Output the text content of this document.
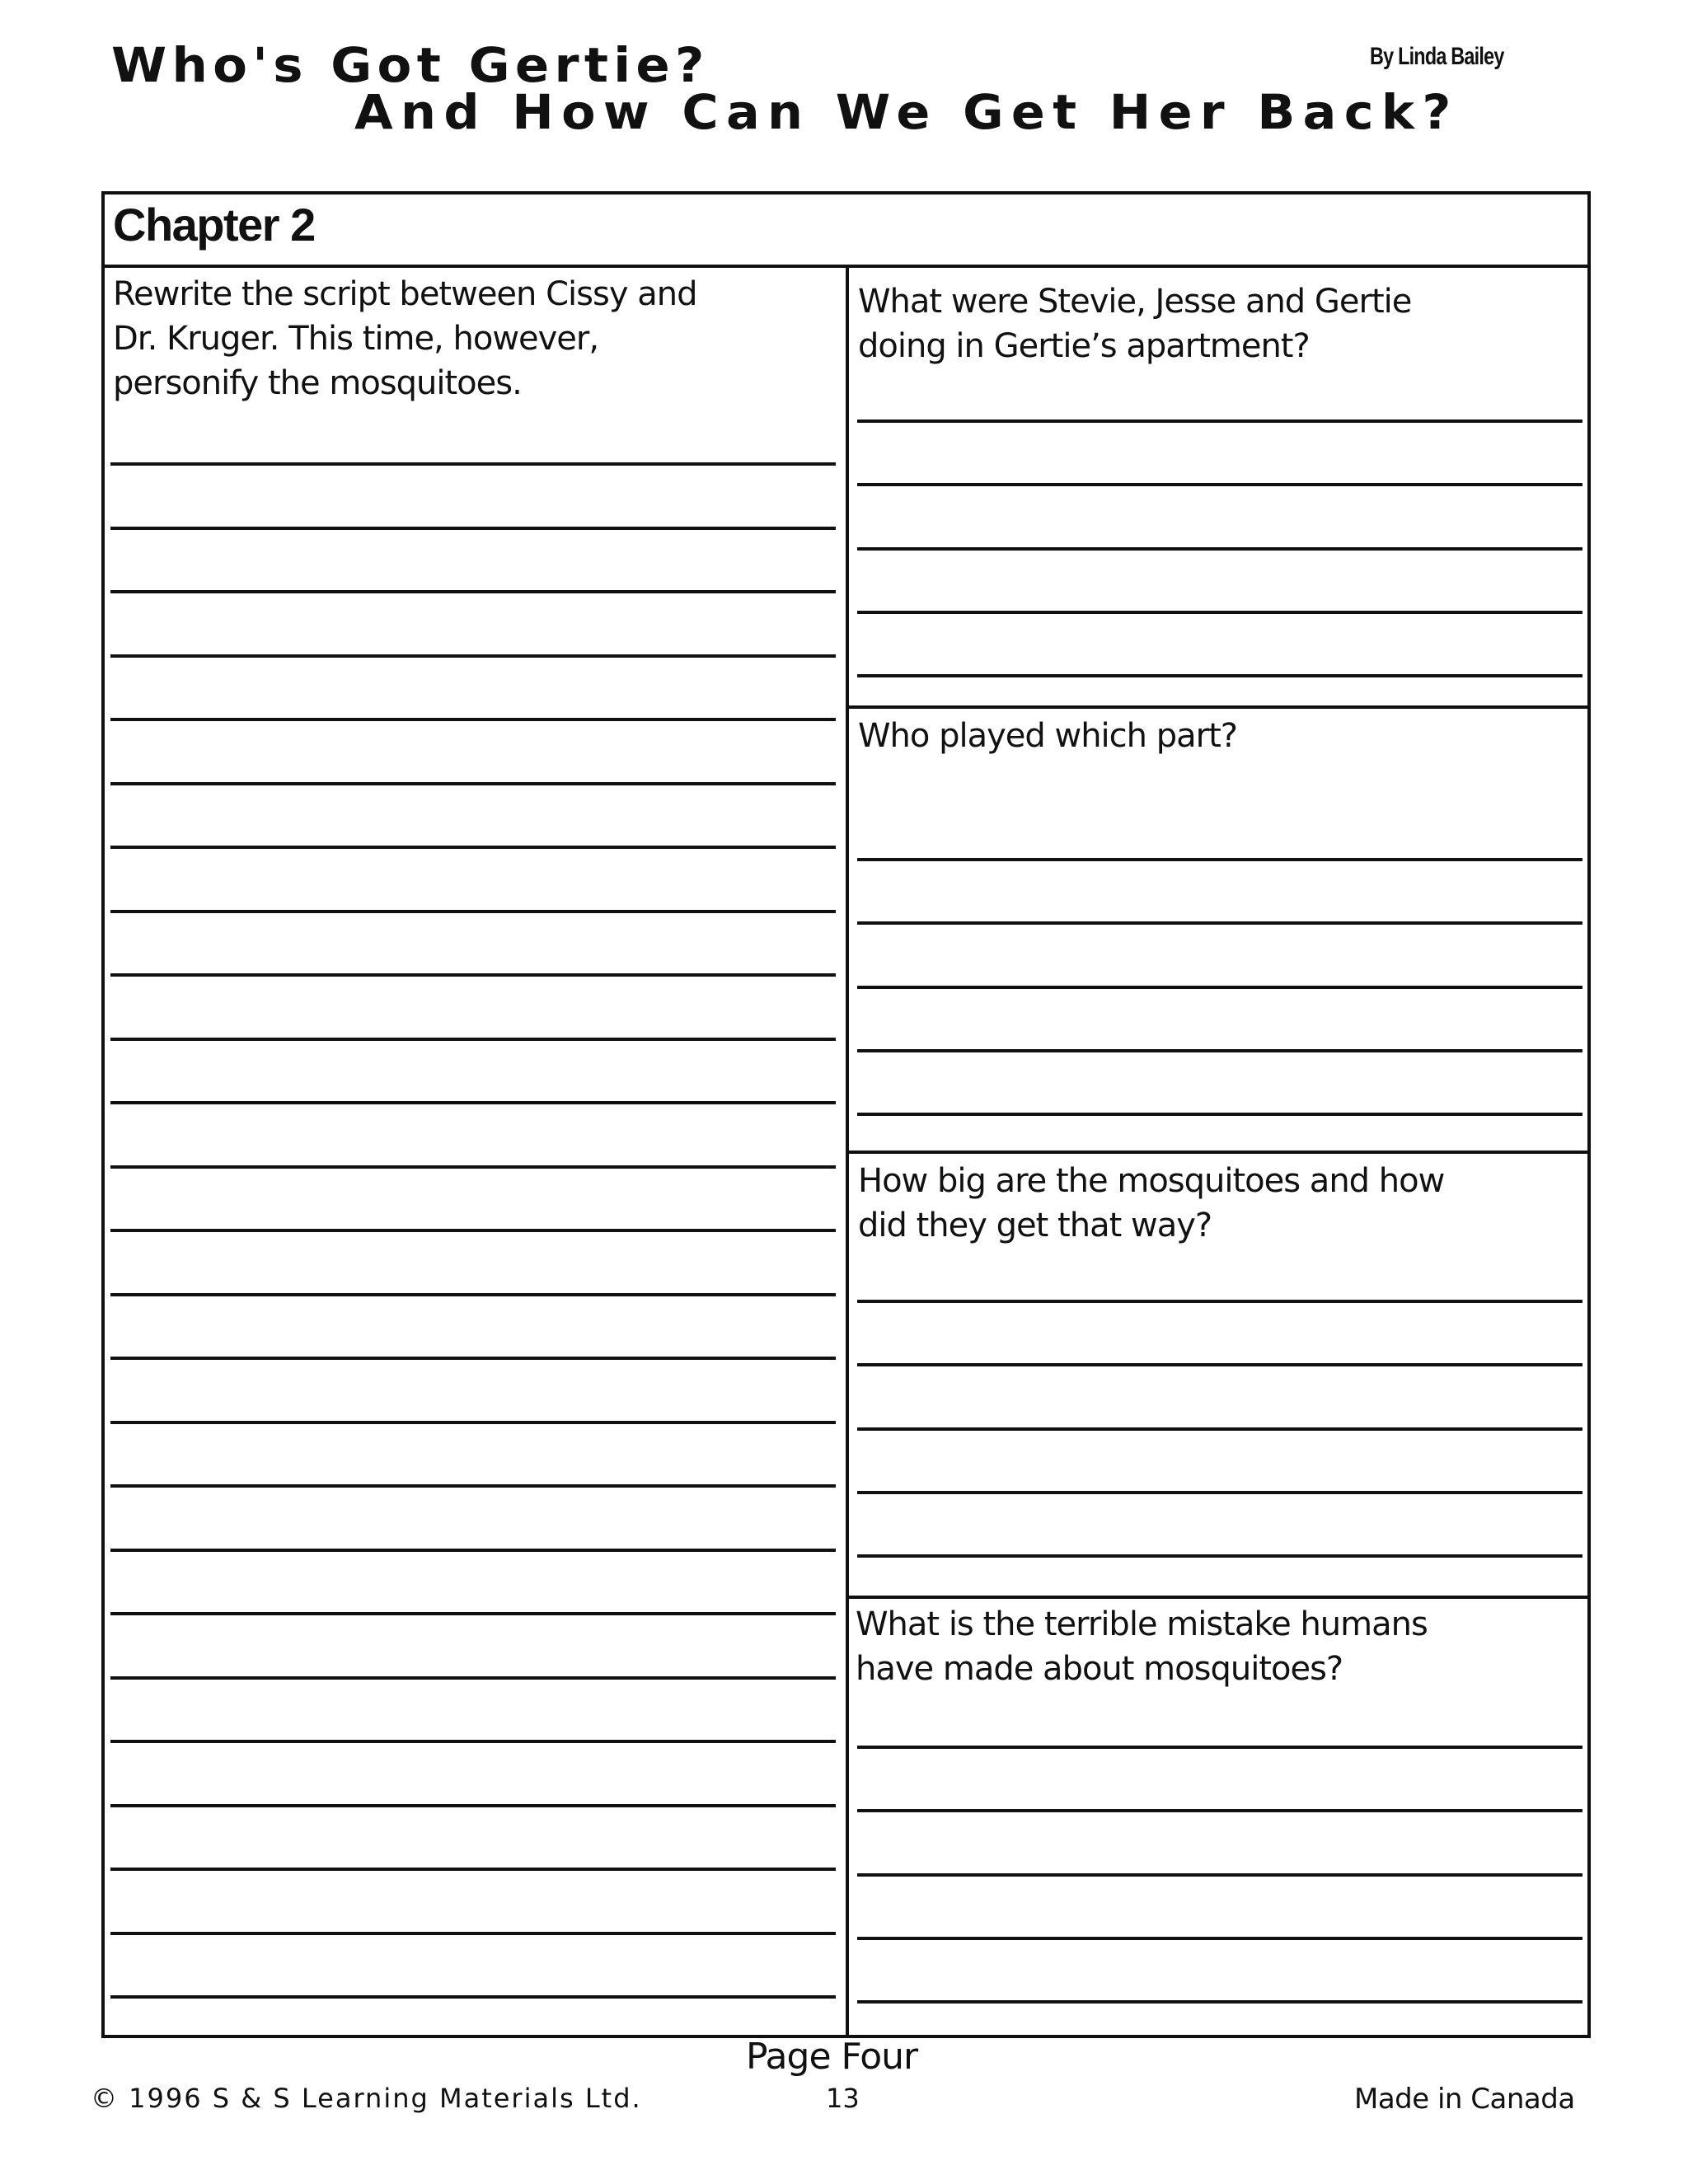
Who's Got Gertie?
And How Can We Get Her Back?
By Linda Bailey
Chapter 2
Rewrite the script between Cissy and
Dr. Kruger. This time, however,
personify the mosquitoes.
What were Stevie, Jesse and Gertie
doing in Gertie’s apartment?
Who played which part?
How big are the mosquitoes and how
did they get that way?
What is the terrible mistake humans
have made about mosquitoes?
Page Four
© 1996 S & S Learning Materials Ltd.	13	Made in Canada
